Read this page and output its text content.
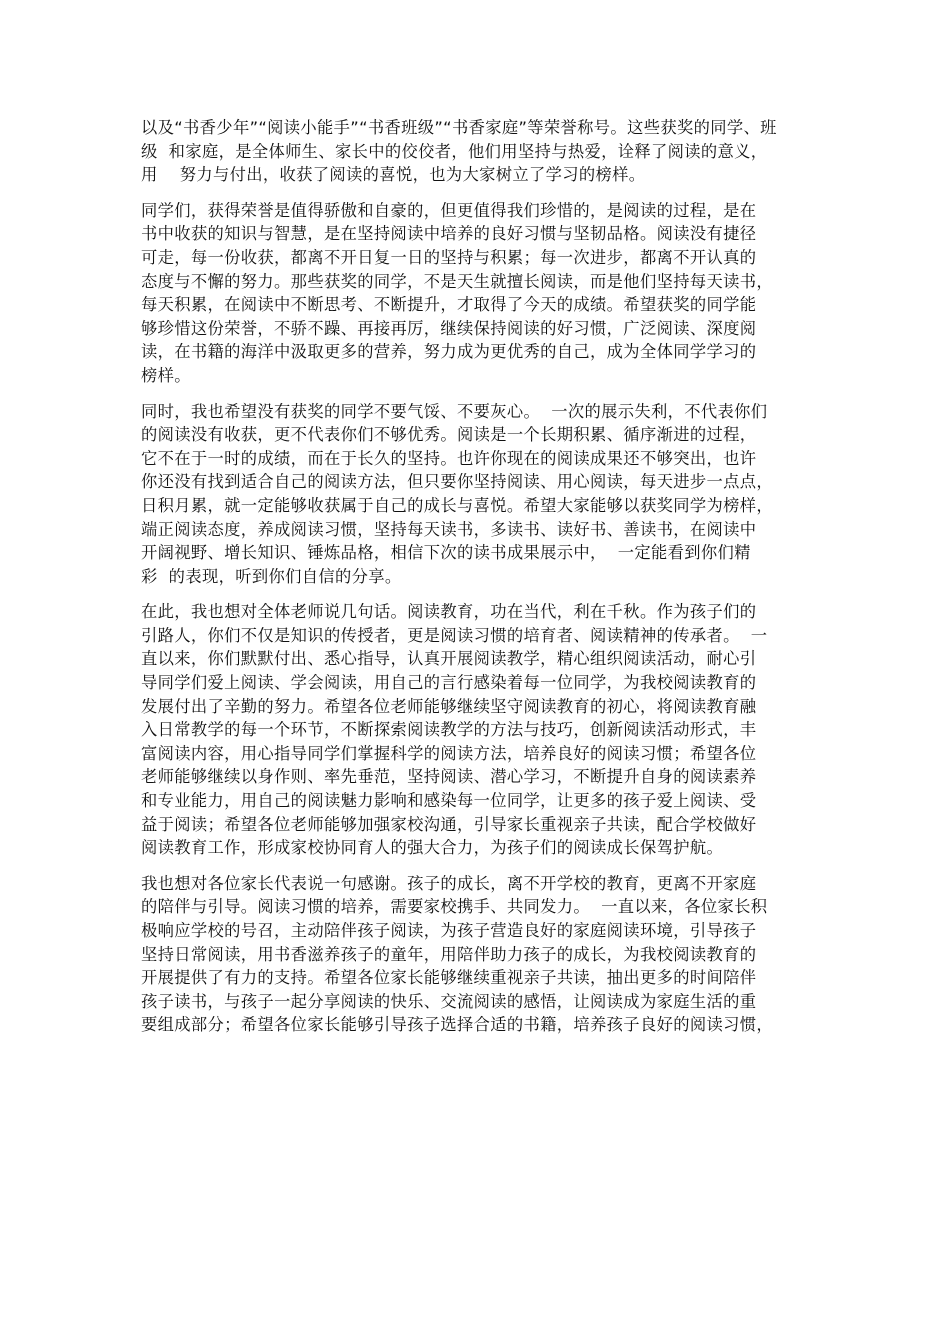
以及“书香少年”“阅读小能手”“书香班级”“书香家庭”等荣誉称号。这些获奖的同学、班
级  和家庭，是全体师生、家长中的佼佼者，他们用坚持与热爱，诠释了阅读的意义，
用    努力与付出，收获了阅读的喜悦，也为大家树立了学习的榜样。
同学们，获得荣誉是值得骄傲和自豪的，但更值得我们珍惜的，是阅读的过程，是在
书中收获的知识与智慧，是在坚持阅读中培养的良好习惯与坚韧品格。阅读没有捷径
可走，每一份收获，都离不开日复一日的坚持与积累；每一次进步，都离不开认真的
态度与不懈的努力。那些获奖的同学，不是天生就擅长阅读，而是他们坚持每天读书，
每天积累，在阅读中不断思考、不断提升，才取得了今天的成绩。希望获奖的同学能
够珍惜这份荣誉，不骄不躁、再接再厉，继续保持阅读的好习惯，广泛阅读、深度阅
读，在书籍的海洋中汲取更多的营养，努力成为更优秀的自己，成为全体同学学习的
榜样。
同时，我也希望没有获奖的同学不要气馁、不要灰心。  一次的展示失利，不代表你们
的阅读没有收获，更不代表你们不够优秀。阅读是一个长期积累、循序渐进的过程，
它不在于一时的成绩，而在于长久的坚持。也许你现在的阅读成果还不够突出，也许
你还没有找到适合自己的阅读方法，但只要你坚持阅读、用心阅读，每天进步一点点，
日积月累，就一定能够收获属于自己的成长与喜悦。希望大家能够以获奖同学为榜样，
端正阅读态度，养成阅读习惯，坚持每天读书，多读书、读好书、善读书，在阅读中
开阔视野、增长知识、锤炼品格，相信下次的读书成果展示中，  一定能看到你们精
彩  的表现，听到你们自信的分享。
在此，我也想对全体老师说几句话。阅读教育，功在当代，利在千秋。作为孩子们的
引路人，你们不仅是知识的传授者，更是阅读习惯的培育者、阅读精神的传承者。  一
直以来，你们默默付出、悉心指导，认真开展阅读教学，精心组织阅读活动，耐心引
导同学们爱上阅读、学会阅读，用自己的言行感染着每一位同学，为我校阅读教育的
发展付出了辛勤的努力。希望各位老师能够继续坚守阅读教育的初心，将阅读教育融
入日常教学的每一个环节，不断探索阅读教学的方法与技巧，创新阅读活动形式，丰
富阅读内容，用心指导同学们掌握科学的阅读方法，培养良好的阅读习惯；希望各位
老师能够继续以身作则、率先垂范，坚持阅读、潜心学习，不断提升自身的阅读素养
和专业能力，用自己的阅读魅力影响和感染每一位同学，让更多的孩子爱上阅读、受
益于阅读；希望各位老师能够加强家校沟通，引导家长重视亲子共读，配合学校做好
阅读教育工作，形成家校协同育人的强大合力，为孩子们的阅读成长保驾护航。
我也想对各位家长代表说一句感谢。孩子的成长，离不开学校的教育，更离不开家庭
的陪伴与引导。阅读习惯的培养，需要家校携手、共同发力。  一直以来，各位家长积
极响应学校的号召，主动陪伴孩子阅读，为孩子营造良好的家庭阅读环境，引导孩子
坚持日常阅读，用书香滋养孩子的童年，用陪伴助力孩子的成长，为我校阅读教育的
开展提供了有力的支持。希望各位家长能够继续重视亲子共读，抽出更多的时间陪伴
孩子读书，与孩子一起分享阅读的快乐、交流阅读的感悟，让阅读成为家庭生活的重
要组成部分；希望各位家长能够引导孩子选择合适的书籍，培养孩子良好的阅读习惯，
